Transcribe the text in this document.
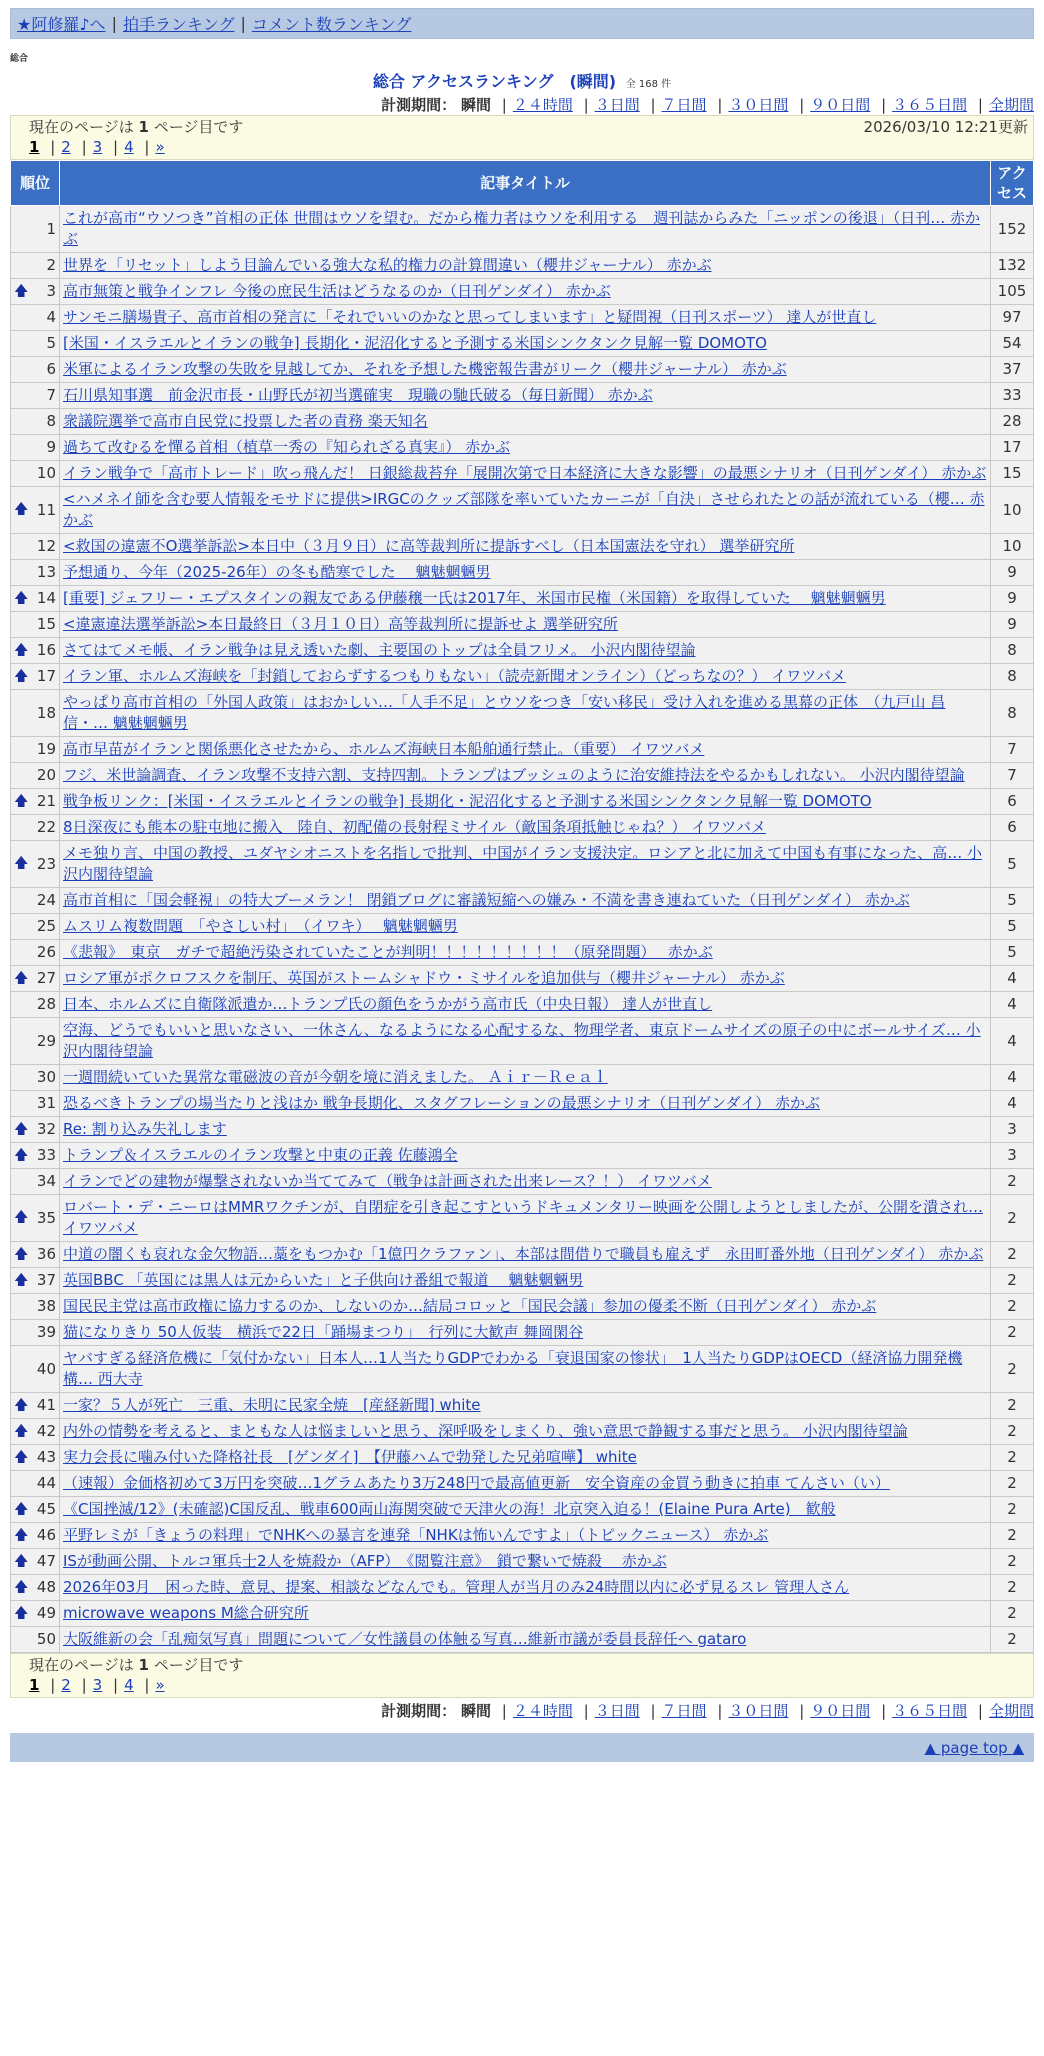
★阿修羅♪へ | 拍手ランキング | コメント数ランキング
総合
総合 アクセスランキング　(瞬間) 全 168 件
計測期間： 瞬間 | ２４時間 | ３日間 | ７日間 | ３０日間 | ９０日間 | ３６５日間 | 全期間
現在のページは 1 ページ目です	2026/03/10 12:21更新
1 | 2 | 3 | 4 | »
順位	記事タイトル	アクセス
1	これが高市“ウソつき”首相の正体 世間はウソを望む。だから権力者はウソを利用する　週刊誌からみた「ニッポンの後退」（日刊… 赤かぶ	152
2	世界を「リセット」しよう目論んでいる強大な私的権力の計算間違い（櫻井ジャーナル） 赤かぶ	132

🡅 3	高市無策と戦争インフレ 今後の庶民生活はどうなるのか（日刊ゲンダイ） 赤かぶ	105
4	サンモニ膳場貴子、高市首相の発言に「それでいいのかなと思ってしまいます」と疑問視（日刊スポーツ） 達人が世直し	97
5	[米国・イスラエルとイランの戦争] 長期化・泥沼化すると予測する米国シンクタンク見解一覧 DOMOTO	54
6	米軍によるイラン攻撃の失敗を見越してか、それを予想した機密報告書がリーク（櫻井ジャーナル） 赤かぶ	37
7	石川県知事選　前金沢市長・山野氏が初当選確実　現職の馳氏破る（毎日新聞） 赤かぶ	33
8	衆議院選挙で高市自民党に投票した者の責務 楽天知名	28
9	過ちて改むるを憚る首相（植草一秀の『知られざる真実』） 赤かぶ	17
10	イラン戦争で「高市トレード」吹っ飛んだ！ 日銀総裁苔弁「展開次第で日本経済に大きな影響」の最悪シナリオ（日刊ゲンダイ） 赤かぶ	15

🡅 11	<ハメネイ師を含む要人情報をモサドに提供>IRGCのクッズ部隊を率いていたカーニが「自決」させられたとの話が流れている（櫻… 赤かぶ	10
12	<救国の違憲不O選挙訴訟>本日中（３月９日）に高等裁判所に提訴すべし（日本国憲法を守れ） 選挙研究所	10
13	予想通り、今年（2025-26年）の冬も酷寒でした　 魑魅魍魎男	9

🡅 14	[重要] ジェフリー・エプスタインの親友である伊藤穣一氏は2017年、米国市民権（米国籍）を取得していた　 魑魅魍魎男	9
15	<違憲違法選挙訴訟>本日最終日（３月１０日）高等裁判所に提訴せよ 選挙研究所	9

🡅 16	さてはてメモ帳、イラン戦争は見え透いた劇、主要国のトップは全員フリメ。 小沢内閣待望論	8

🡅 17	イラン軍、ホルムズ海峡を「封鎖しておらずするつもりもない」（読売新聞オンライン）（どっちなの？） イワツバメ	8
18	やっぱり高市首相の「外国人政策」はおかしい…「人手不足」とウソをつき「安い移民」受け入れを進める黒幕の正体　（九戸山 昌信・… 魑魅魍魎男	8
19	高市早苗がイランと関係悪化させたから、ホルムズ海峡日本船舶通行禁止。（重要） イワツバメ	7
20	フジ、米世論調査、イラン攻撃不支持六割、支持四割。トランプはブッシュのように治安維持法をやるかもしれない。 小沢内閣待望論	7

🡅 21	戦争板リンク：[米国・イスラエルとイランの戦争] 長期化・泥沼化すると予測する米国シンクタンク見解一覧 DOMOTO	6
22	8日深夜にも熊本の駐屯地に搬入　陸自、初配備の長射程ミサイル（敵国条項抵触じゃね？） イワツバメ	6

🡅 23	メモ独り言、中国の教授、ユダヤシオニストを名指しで批判、中国がイラン支援決定。ロシアと北に加えて中国も有事になった、高… 小沢内閣待望論	5
24	高市首相に「国会軽視」の特大ブーメラン！ 閉鎖ブログに審議短縮への嫌み・不満を書き連ねていた（日刊ゲンダイ） 赤かぶ	5
25	ムスリム複数問題　「やさしい村」　（イワキ）　 魑魅魍魎男	5
26	《悲報》　東京　ガチで超絶汚染されていたことが判明！！！！！！！！！（原発問題）　 赤かぶ	5

🡅 27	ロシア軍がポクロフスクを制圧、英国がストームシャドウ・ミサイルを追加供与（櫻井ジャーナル） 赤かぶ	4
28	日本、ホルムズに自衛隊派遣か…トランプ氏の顔色をうかがう高市氏（中央日報） 達人が世直し	4
29	空海、どうでもいいと思いなさい、一休さん、なるようになる心配するな、物理学者、東京ドームサイズの原子の中にボールサイズ… 小沢内閣待望論	4
30	一週間続いていた異常な電磁波の音が今朝を境に消えました。 Ａｉｒ－Ｒｅａｌ	4
31	恐るべきトランプの場当たりと浅はか 戦争長期化、スタグフレーションの最悪シナリオ（日刊ゲンダイ） 赤かぶ	4

🡅 32	Re: 割り込み失礼します	3

🡅 33	トランプ＆イスラエルのイラン攻撃と中東の正義 佐藤鴻全	3
34	イランでどの建物が爆撃されないか当ててみて（戦争は計画された出来レース？！） イワツバメ	2

🡅 35	ロバート・デ・ニーロはMMRワクチンが、自閉症を引き起こすというドキュメンタリー映画を公開しようとしましたが、公開を潰され… イワツバメ	2

🡅 36	中道の闇くも哀れな金欠物語…藁をもつかむ「1億円クラファン」、本部は間借りで職員も雇えず　永田町番外地（日刊ゲンダイ） 赤かぶ	2

🡅 37	英国BBC 「英国には黒人は元からいた」と子供向け番組で報道　 魑魅魍魎男	2
38	国民民主党は高市政権に協力するのか、しないのか…結局コロッと「国民会議」参加の優柔不断（日刊ゲンダイ） 赤かぶ	2
39	猫になりきり 50人仮装　横浜で22日「踊場まつり」　行列に大歓声 舞岡閑谷	2
40	ヤバすぎる経済危機に「気付かない」日本人…1人当たりGDPでわかる「衰退国家の惨状」　1人当たりGDPはOECD（経済協力開発機構… 西大寺	2

🡅 41	一家？５人が死亡　三重、未明に民家全焼　[産経新聞] white	2

🡅 42	内外の情勢を考えると、まともな人は悩ましいと思う、深呼吸をしまくり、強い意思で静観する事だと思う。 小沢内閣待望論	2

🡅 43	実力会長に噛み付いた降格社長　[ゲンダイ]　【伊藤ハムで勃発した兄弟喧嘩】 white	2
44	（速報）金価格初めて3万円を突破…1グラムあたり3万248円で最高値更新　安全資産の金買う動きに拍車 てんさい（い）	2

🡅 45	《C国挫滅/12》(未確認)C国反乱、戦車600両山海関突破で天津火の海！北京突入迫る！(Elaine Pura Arte)　歓般	2

🡅 46	平野レミが「きょうの料理」でNHKへの暴言を連発「NHKは怖いんですよ」（トピックニュース） 赤かぶ	2

🡅 47	ISが動画公開、トルコ軍兵士2人を焼殺か（AFP）　《閲覧注意》　鎖で繋いで焼殺　 赤かぶ	2

🡅 48	2026年03月　困った時、意見、提案、相談などなんでも。管理人が当月のみ24時間以内に必ず見るスレ 管理人さん	2

🡅 49	microwave weapons M総合研究所	2
50	大阪維新の会「乱痴気写真」問題について／女性議員の体触る写真…維新市議が委員長辞任へ gataro	2
現在のページは 1 ページ目です
1 | 2 | 3 | 4 | »
計測期間： 瞬間 | ２４時間 | ３日間 | ７日間 | ３０日間 | ９０日間 | ３６５日間 | 全期間
▲ page top ▲
